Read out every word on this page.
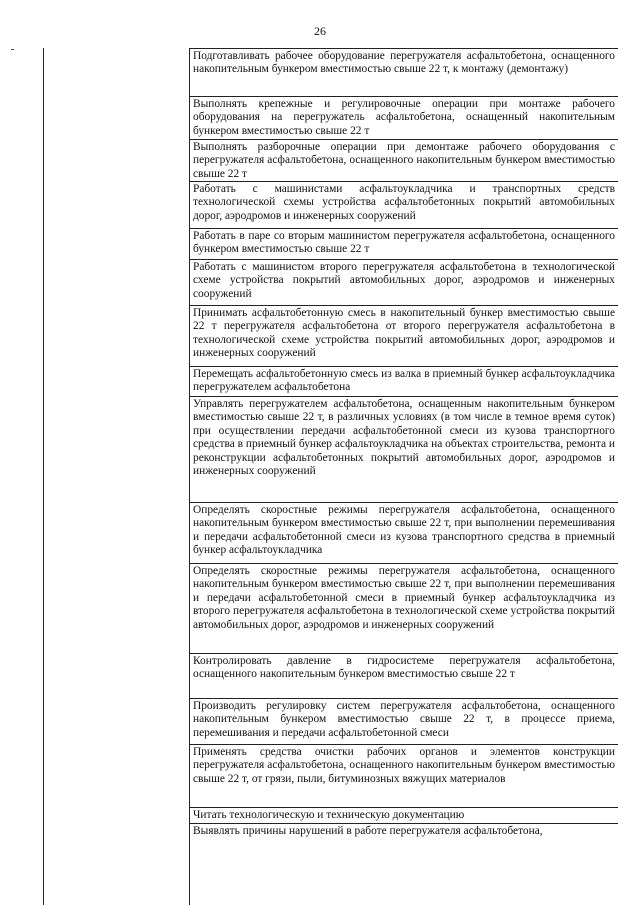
26
Подготавливать рабочее оборудование перегружателя асфальтобетона, оснащенного накопительным бункером вместимостью свыше 22 т, к монтажу (демонтажу)
Выполнять крепежные и регулировочные операции при монтаже рабочего оборудования на перегружатель асфальтобетона, оснащенный накопительным бункером вместимостью свыше 22 т
Выполнять разборочные операции при демонтаже рабочего оборудования с перегружателя асфальтобетона, оснащенного накопительным бункером вместимостью свыше 22 т
Работать с машинистами асфальтоукладчика и транспортных средств технологической схемы устройства асфальтобетонных покрытий автомобильных дорог, аэродромов и инженерных сооружений
Работать в паре со вторым машинистом перегружателя асфальтобетона, оснащенного бункером вместимостью свыше 22 т
Работать с машинистом второго перегружателя асфальтобетона в технологической схеме устройства покрытий автомобильных дорог, аэродромов и инженерных сооружений
Принимать асфальтобетонную смесь в накопительный бункер вместимостью свыше 22 т перегружателя асфальтобетона от второго перегружателя асфальтобетона в технологической схеме устройства покрытий автомобильных дорог, аэродромов и инженерных сооружений
Перемещать асфальтобетонную смесь из валка в приемный бункер асфальтоукладчика перегружателем асфальтобетона
Управлять перегружателем асфальтобетона, оснащенным накопительным бункером вместимостью свыше 22 т, в различных условиях (в том числе в темное время суток) при осуществлении передачи асфальтобетонной смеси из кузова транспортного средства в приемный бункер асфальтоукладчика на объектах строительства, ремонта и реконструкции асфальтобетонных покрытий автомобильных дорог, аэродромов и инженерных сооружений
Определять скоростные режимы перегружателя асфальтобетона, оснащенного накопительным бункером вместимостью свыше 22 т, при выполнении перемешивания и передачи асфальтобетонной смеси из кузова транспортного средства в приемный бункер асфальтоукладчика
Определять скоростные режимы перегружателя асфальтобетона, оснащенного накопительным бункером вместимостью свыше 22 т, при выполнении перемешивания и передачи асфальтобетонной смеси в приемный бункер асфальтоукладчика из второго перегружателя асфальтобетона в технологической схеме устройства покрытий автомобильных дорог, аэродромов и инженерных сооружений
Контролировать давление в гидросистеме перегружателя асфальтобетона, оснащенного накопительным бункером вместимостью свыше 22 т
Производить регулировку систем перегружателя асфальтобетона, оснащенного накопительным бункером вместимостью свыше 22 т, в процессе приема, перемешивания и передачи асфальтобетонной смеси
Применять средства очистки рабочих органов и элементов конструкции перегружателя асфальтобетона, оснащенного накопительным бункером вместимостью свыше 22 т, от грязи, пыли, битуминозных вяжущих материалов
Читать технологическую и техническую документацию
Выявлять причины нарушений в работе перегружателя асфальтобетона,
